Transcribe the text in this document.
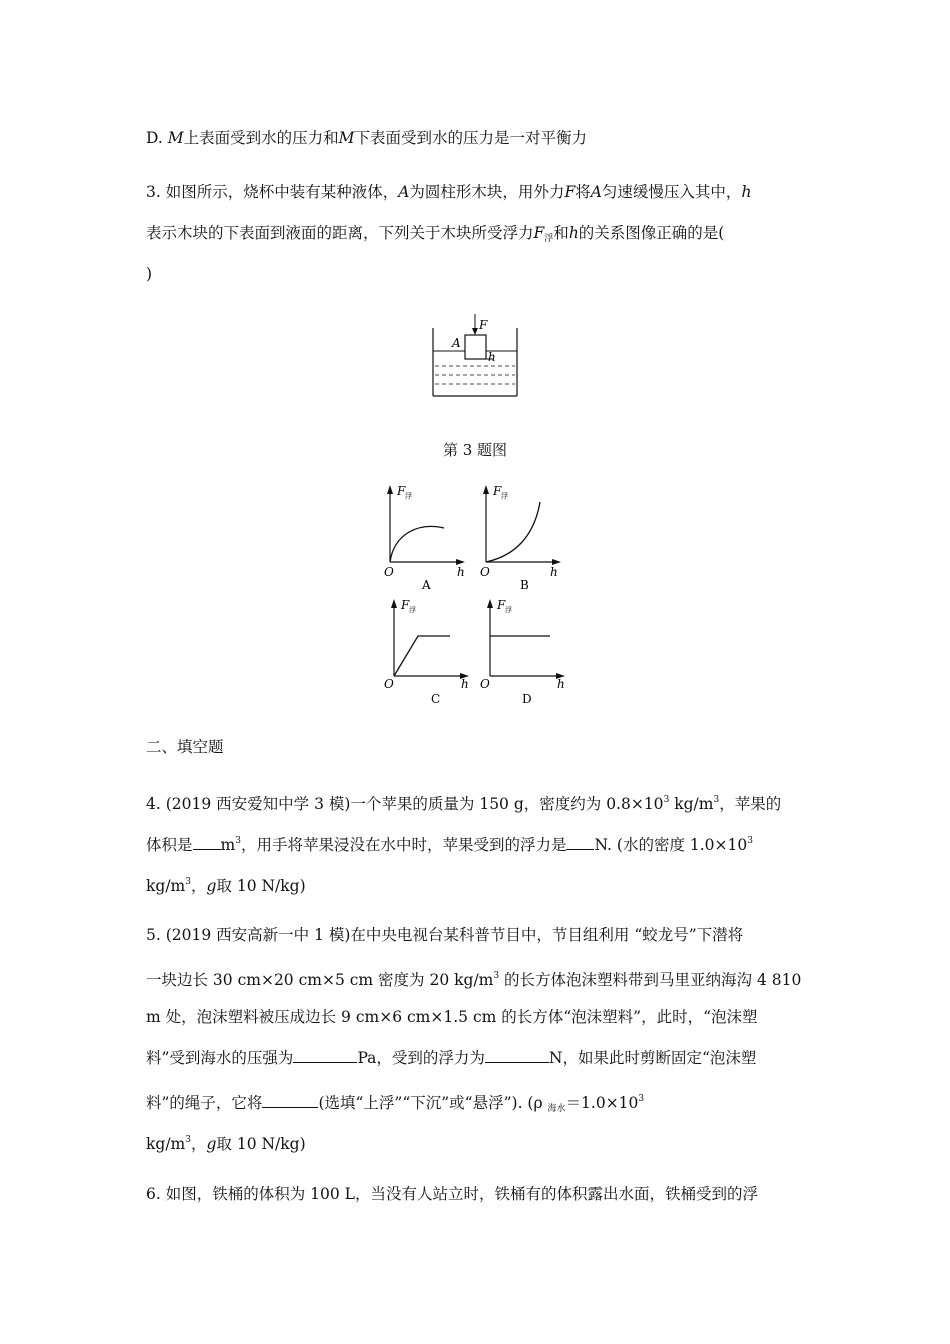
D. M上表面受到水的压力和M下表面受到水的压力是一对平衡力
3. 如图所示，烧杯中装有某种液体，A为圆柱形木块，用外力F将A匀速缓慢压入其中，h
表示木块的下表面到液面的距离，下列关于木块所受浮力$F_浮$和h的关系图像正确的是(
)
F
A
h
第 3 题图
F 浮
O	h
A
F 浮
O	h
B
F 浮
O	h
C
F 浮
O	h
D
二、填空题
4. (2019 西安爱知中学 3 模)一个苹果的质量为 150 g，密度约为 $0.8\times 10^3$ $kg/m^3$，苹果的
体积是 $m^3$，用手将苹果浸没在水中时，苹果受到的浮力是 N. (水的密度 $1.0\times 10^3$
$kg/m^3$，g取 10 N/kg)
5. (2019 西安高新一中 1 模)在中央电视台某科普节目中，节目组利用 “蛟龙号”下潜将
一块边长 30 cm×20 cm×5 cm 密度为 20 $kg/m^3$ 的长方体泡沫塑料带到马里亚纳海沟 4 810
m 处，泡沫塑料被压成边长 9 cm×6 cm×1.5 cm 的长方体“泡沫塑料”，此时，“泡沫塑
料”受到海水的压强为	Pa，受到的浮力为	N，如果此时剪断固定“泡沫塑
料”的绳子，它将	(选填“上浮”“下沉”或“悬浮”). (ρ $_{海水}=1.0\times 10^3$
$kg/m^3$，g取 10 N/kg)
6. 如图，铁桶的体积为 100 L，当没有人站立时，铁桶有的体积露出水面，铁桶受到的浮
